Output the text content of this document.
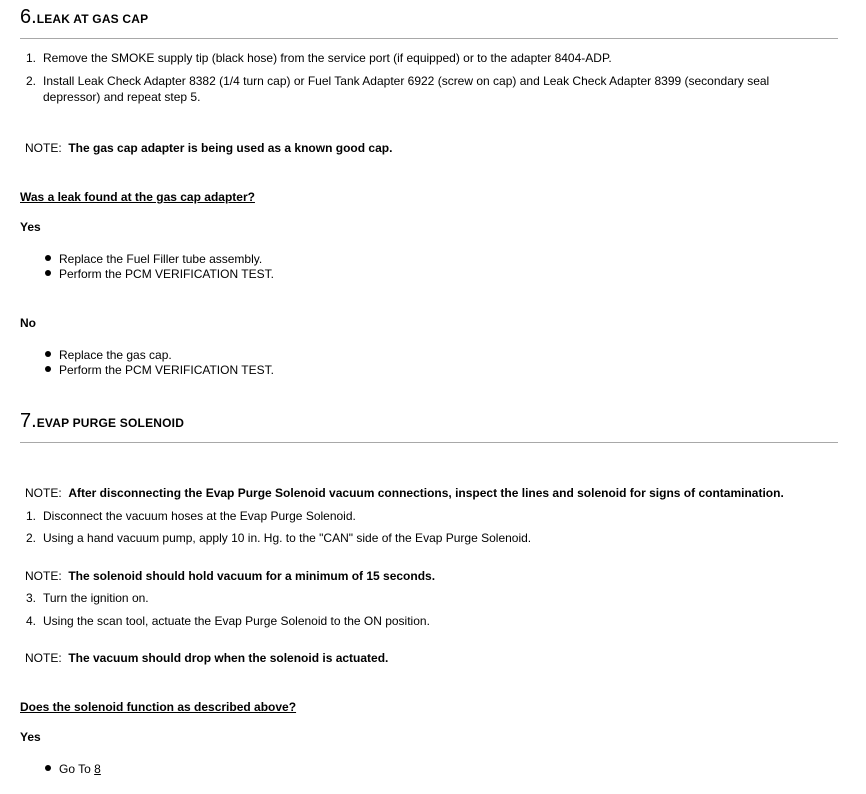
6.LEAK AT GAS CAP
1. Remove the SMOKE supply tip (black hose) from the service port (if equipped) or to the adapter 8404-ADP.
2. Install Leak Check Adapter 8382 (1/4 turn cap) or Fuel Tank Adapter 6922 (screw on cap) and Leak Check Adapter 8399 (secondary seal depressor) and repeat step 5.
NOTE: The gas cap adapter is being used as a known good cap.
Was a leak found at the gas cap adapter?
Yes
Replace the Fuel Filler tube assembly.
Perform the PCM VERIFICATION TEST.
No
Replace the gas cap.
Perform the PCM VERIFICATION TEST.
7.EVAP PURGE SOLENOID
NOTE: After disconnecting the Evap Purge Solenoid vacuum connections, inspect the lines and solenoid for signs of contamination.
1. Disconnect the vacuum hoses at the Evap Purge Solenoid.
2. Using a hand vacuum pump, apply 10 in. Hg. to the "CAN" side of the Evap Purge Solenoid.
NOTE: The solenoid should hold vacuum for a minimum of 15 seconds.
3. Turn the ignition on.
4. Using the scan tool, actuate the Evap Purge Solenoid to the ON position.
NOTE: The vacuum should drop when the solenoid is actuated.
Does the solenoid function as described above?
Yes
Go To 8
